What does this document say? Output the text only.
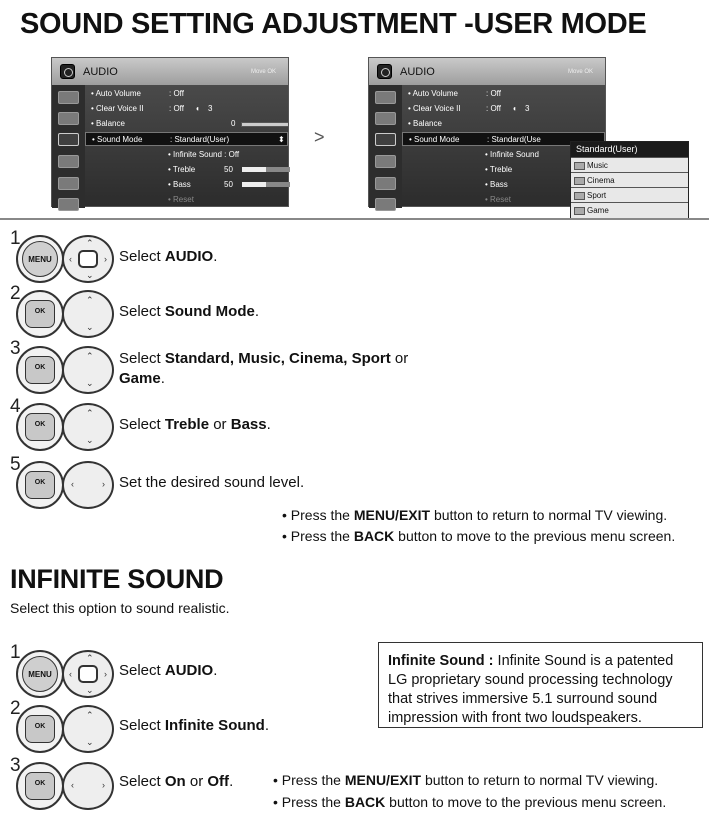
SOUND SETTING ADJUSTMENT -USER MODE
AUDIO	Move OK
• Auto Volume	: Off
• Clear Voice II	: Off ◖ 3
• Balance	0
• Sound Mode	: Standard(User)	⬍
• Infinite Sound : Off
• Treble	50
• Bass	50
• Reset
>
AUDIO	Move OK
• Auto Volume	: Off
• Clear Voice II	: Off ◖ 3
• Balance
• Sound Mode	: Standard(Use
• Infinite Sound
• Treble
• Bass
• Reset
Standard(User)
Music
Cinema
Sport
Game
1
MENU
⌃
⌄
‹	› Select AUDIO.
2
OK
⌃
⌄
Select Sound Mode.
3
OK
⌃
⌄
Select Standard, Music, Cinema, Sport or
Game.
4
OK
⌃
⌄
Select Treble or Bass.
5
OK	‹	› Set the desired sound level.
• Press the MENU/EXIT button to return to normal TV viewing.
• Press the BACK button to move to the previous menu screen.
INFINITE SOUND
Select this option to sound realistic.
1
MENU
⌃
⌄
‹	› Select AUDIO.
2
OK
⌃
⌄
Select Infinite Sound.
3
OK	‹	› Select On or Off.
Infinite Sound : Infinite Sound is a patented LG proprietary sound processing technology that strives immersive 5.1 surround sound impression with front two loudspeakers.
• Press the MENU/EXIT button to return to normal TV viewing.
• Press the BACK button to move to the previous menu screen.
